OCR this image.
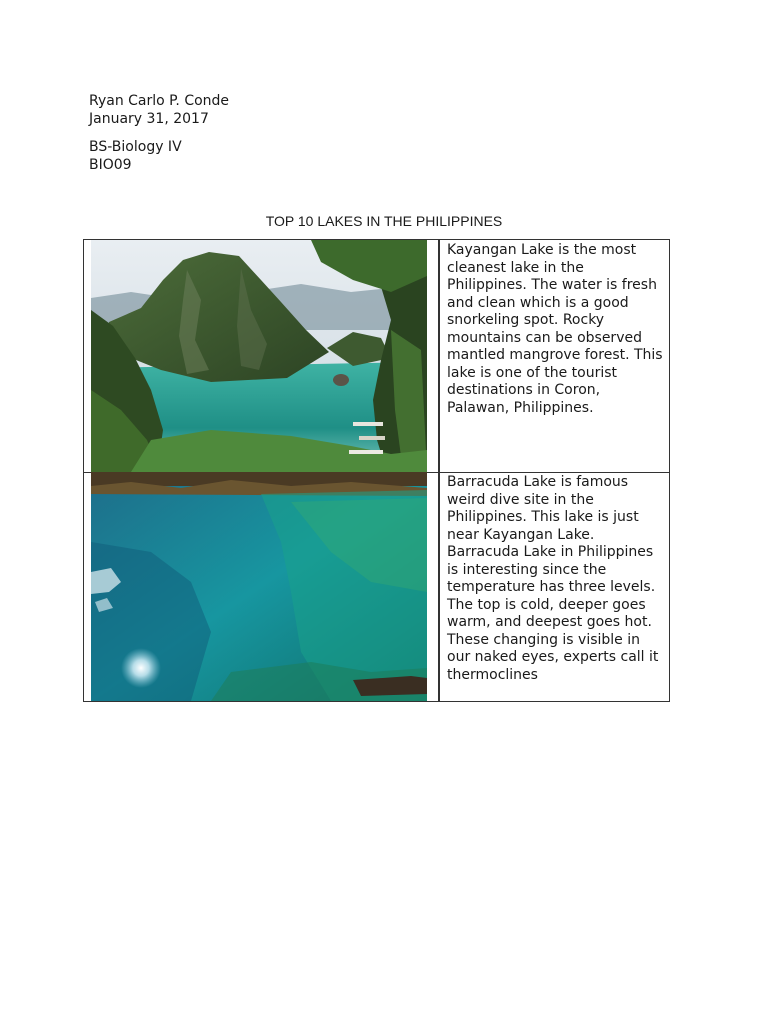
Ryan Carlo P. Conde
January 31, 2017
BS-Biology IV
BIO09
TOP 10 LAKES IN THE PHILIPPINES
Kayangan Lake is the most cleanest lake in the Philippines. The water is fresh and clean which is a good snorkeling spot. Rocky mountains can be observed mantled mangrove forest. This lake is one of the tourist destinations in Coron, Palawan, Philippines.
Barracuda Lake is famous weird dive site in the Philippines. This lake is just near Kayangan Lake. Barracuda Lake in Philippines is interesting since the temperature has three levels. The top is cold, deeper goes warm, and deepest goes hot. These changing is visible in our naked eyes, experts call it thermoclines
